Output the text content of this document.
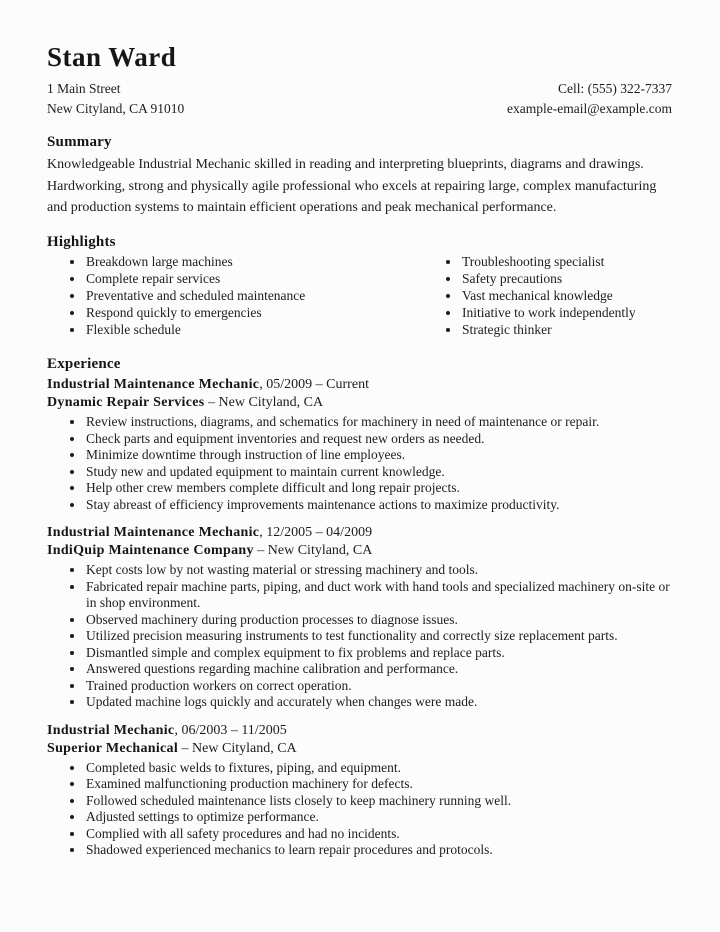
Stan Ward
1 Main Street
New Cityland, CA 91010
Cell: (555) 322-7337
example-email@example.com
Summary

Knowledgeable Industrial Mechanic skilled in reading and interpreting blueprints, diagrams and drawings. Hardworking, strong and physically agile professional who excels at repairing large, complex manufacturing and production systems to maintain efficient operations and peak mechanical performance.

Highlights
• Breakdown large machines
• Complete repair services
• Preventative and scheduled maintenance
• Respond quickly to emergencies
• Flexible schedule
• Troubleshooting specialist
• Safety precautions
• Vast mechanical knowledge
• Initiative to work independently
• Strategic thinker
Experience
Industrial Maintenance Mechanic, 05/2009 – Current
Dynamic Repair Services – New Cityland, CA
• Review instructions, diagrams, and schematics for machinery in need of maintenance or repair.
• Check parts and equipment inventories and request new orders as needed.
• Minimize downtime through instruction of line employees.
• Study new and updated equipment to maintain current knowledge.
• Help other crew members complete difficult and long repair projects.
• Stay abreast of efficiency improvements maintenance actions to maximize productivity.
Industrial Maintenance Mechanic, 12/2005 – 04/2009
IndiQuip Maintenance Company – New Cityland, CA
• Kept costs low by not wasting material or stressing machinery and tools.
• Fabricated repair machine parts, piping, and duct work with hand tools and specialized machinery on-site or in shop environment.
• Observed machinery during production processes to diagnose issues.
• Utilized precision measuring instruments to test functionality and correctly size replacement parts.
• Dismantled simple and complex equipment to fix problems and replace parts.
• Answered questions regarding machine calibration and performance.
• Trained production workers on correct operation.
• Updated machine logs quickly and accurately when changes were made.
Industrial Mechanic, 06/2003 – 11/2005
Superior Mechanical – New Cityland, CA
• Completed basic welds to fixtures, piping, and equipment.
• Examined malfunctioning production machinery for defects.
• Followed scheduled maintenance lists closely to keep machinery running well.
• Adjusted settings to optimize performance.
• Complied with all safety procedures and had no incidents.
• Shadowed experienced mechanics to learn repair procedures and protocols.
